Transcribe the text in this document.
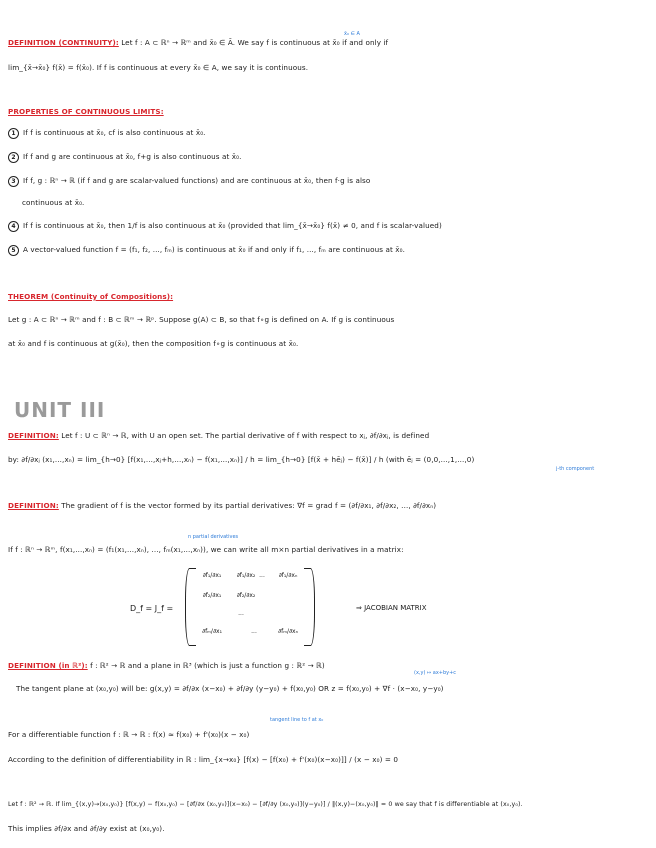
DEFINITION (CONTINUITY): Let f : A ⊂ ℝⁿ → ℝᵐ and x̄₀ ∈ Ā. We say f is continuous at x̄₀ if and only if
x̄₀ ∈ A
lim_{x̄→x̄₀} f(x̄) = f(x̄₀). If f is continuous at every x̄₀ ∈ A, we say it is continuous.
PROPERTIES OF CONTINUOUS LIMITS:
1 If f is continuous at x̄₀, cf is also continuous at x̄₀.
2 If f and g are continuous at x̄₀, f+g is also continuous at x̄₀.
3 If f, g : ℝⁿ → ℝ (if f and g are scalar-valued functions) and are continuous at x̄₀, then f·g is also
continuous at x̄₀.
4 If f is continuous at x̄₀, then 1/f is also continuous at x̄₀ (provided that lim_{x̄→x̄₀} f(x̄) ≠ 0, and f is scalar-valued)
5 A vector-valued function f = (f₁, f₂, ..., fₘ) is continuous at x̄₀ if and only if f₁, ..., fₘ are continuous at x̄₀.
THEOREM (Continuity of Compositions):
Let g : A ⊂ ℝⁿ → ℝᵐ and f : B ⊂ ℝᵐ → ℝᵖ. Suppose g(A) ⊂ B, so that f∘g is defined on A. If g is continuous
at x̄₀ and f is continuous at g(x̄₀), then the composition f∘g is continuous at x̄₀.
UNIT III
DEFINITION: Let f : U ⊂ ℝⁿ → ℝ, with U an open set. The partial derivative of f with respect to xⱼ, ∂f/∂xⱼ, is defined
by: ∂f/∂xⱼ (x₁,...,xₙ) = lim_{h→0} [f(x₁,...,xⱼ+h,...,xₙ) − f(x₁,...,xₙ)] / h = lim_{h→0} [f(x̄ + hēⱼ) − f(x̄)] / h (with ēⱼ = (0,0,...,1,...,0)
j-th component
DEFINITION: The gradient of f is the vector formed by its partial derivatives: ∇f = grad f = (∂f/∂x₁, ∂f/∂x₂, ..., ∂f/∂xₙ)
n partial derivatives
If f : ℝⁿ → ℝᵐ, f(x₁,...,xₙ) = (f₁(x₁,...,xₙ), ..., fₘ(x₁,...,xₙ)), we can write all m×n partial derivatives in a matrix:
D_f = J_f =
∂f₁/∂x₁	∂f₁/∂x₂ ...	∂f₁/∂xₙ
∂f₂/∂x₁	∂f₂/∂x₂
...
∂fₘ/∂x₁	...	∂fₘ/∂xₙ
⇒ JACOBIAN MATRIX
DEFINITION (in ℝ²): f : ℝ² → ℝ and a plane in ℝ³ (which is just a function g : ℝ² → ℝ)
(x,y) ↦ ax+by+c
The tangent plane at (x₀,y₀) will be: g(x,y) = ∂f/∂x (x−x₀) + ∂f/∂y (y−y₀) + f(x₀,y₀) OR z = f(x₀,y₀) + ∇f · (x−x₀, y−y₀)
tangent line to f at x₀
For a differentiable function f : ℝ → ℝ : f(x) ≈ f(x₀) + f'(x₀)(x − x₀)
According to the definition of differentiability in ℝ : lim_{x→x₀} [f(x) − [f(x₀) + f'(x₀)(x−x₀)]] / (x − x₀) = 0
Let f : ℝ² → ℝ. If lim_{(x,y)→(x₀,y₀)} [f(x,y) − f(x₀,y₀) − [∂f/∂x (x₀,y₀)](x−x₀) − [∂f/∂y (x₀,y₀)](y−y₀)] / ‖(x,y)−(x₀,y₀)‖ = 0 we say that f is differentiable at (x₀,y₀).
This implies ∂f/∂x and ∂f/∂y exist at (x₀,y₀).
